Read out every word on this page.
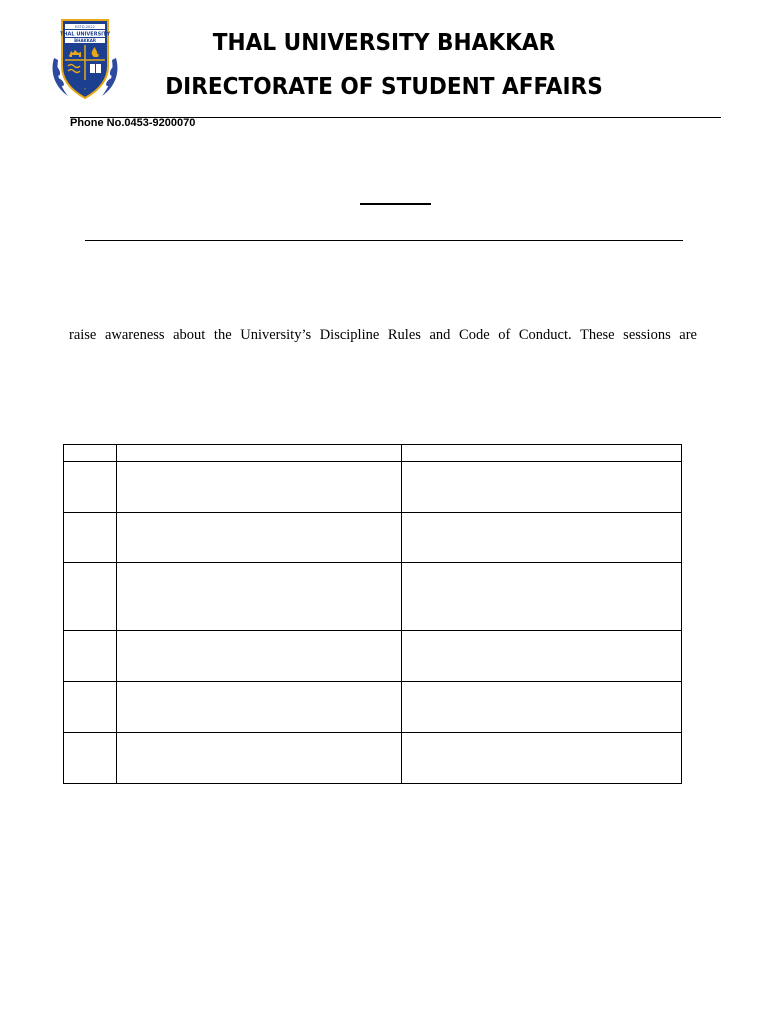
ESTD.2022
THAL UNIVERSITY
BHAKKAR
✦
THAL UNIVERSITY BHAKKAR
DIRECTORATE OF STUDENT AFFAIRS
Phone No.0453-9200070

raise awareness about the University’s Discipline Rules and Code of Conduct. These sessions are
